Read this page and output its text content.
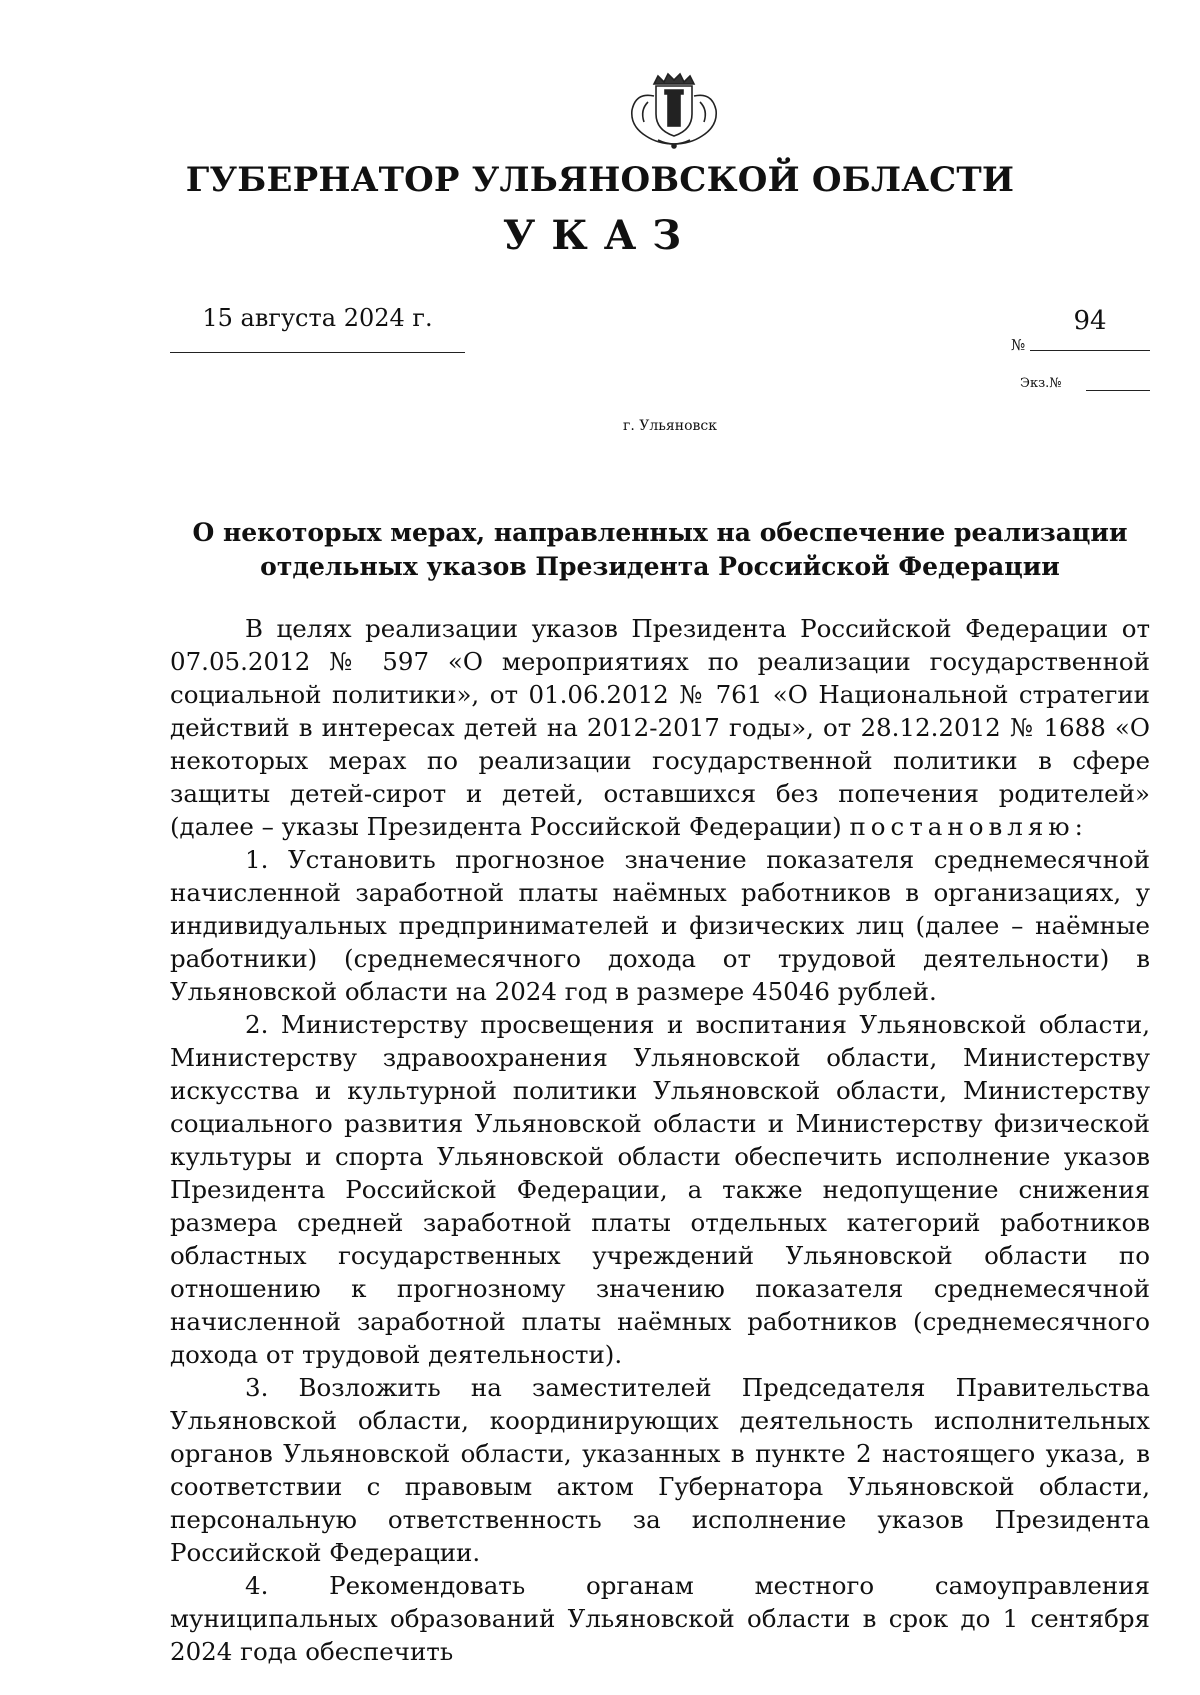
ГУБЕРНАТОР УЛЬЯНОВСКОЙ ОБЛАСТИ
УКАЗ
15 августа 2024 г.
№
94
Экз.№
г. Ульяновск
О некоторых мерах, направленных на обеспечение реализации
отдельных указов Президента Российской Федерации

В целях реализации указов Президента Российской Федерации от 07.05.2012 № 597 «О мероприятиях по реализации государственной социальной политики», от 01.06.2012 № 761 «О Национальной стратегии действий в интересах детей на 2012-2017 годы», от 28.12.2012 № 1688 «О некоторых мерах по реализации государственной политики в сфере защиты детей-сирот и детей, оставшихся без попечения родителей» (далее – указы Президента Российской Федерации) постановляю:

1. Установить прогнозное значение показателя среднемесячной начисленной заработной платы наёмных работников в организациях, у индивидуальных предпринимателей и физических лиц (далее – наёмные работники) (среднемесячного дохода от трудовой деятельности) в Ульяновской области на 2024 год в размере 45046 рублей.

2. Министерству просвещения и воспитания Ульяновской области, Министерству здравоохранения Ульяновской области, Министерству искусства и культурной политики Ульяновской области, Министерству социального развития Ульяновской области и Министерству физической культуры и спорта Ульяновской области обеспечить исполнение указов Президента Российской Федерации, а также недопущение снижения размера средней заработной платы отдельных категорий работников областных государственных учреждений Ульяновской области по отношению к прогнозному значению показателя среднемесячной начисленной заработной платы наёмных работников (среднемесячного дохода от трудовой деятельности).

3. Возложить на заместителей Председателя Правительства Ульяновской области, координирующих деятельность исполнительных органов Ульяновской области, указанных в пункте 2 настоящего указа, в соответствии с правовым актом Губернатора Ульяновской области, персональную ответственность за исполнение указов Президента Российской Федерации.

4. Рекомендовать органам местного самоуправления муниципальных образований Ульяновской области в срок до 1 сентября 2024 года обеспечить
